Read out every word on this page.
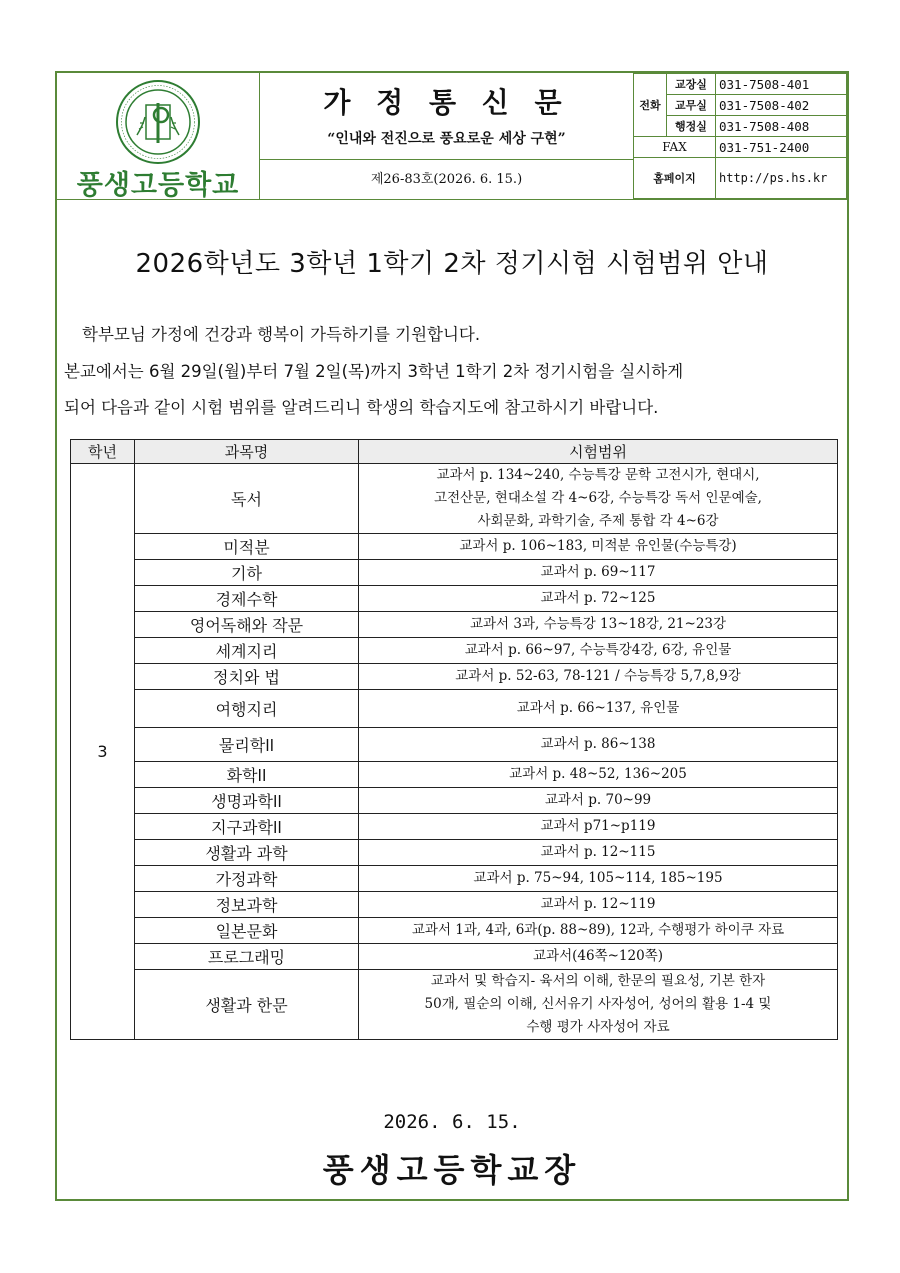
풍생고등학교
가 정 통 신 문
“인내와 전진으로 풍요로운 세상 구현”
제26-83호(2026. 6. 15.)
전화	교장실	031-7508-401
	교무실	031-7508-402
	행정실	031-7508-408
FAX		031-751-2400
홈페이지		http://ps.hs.kr
2026학년도 3학년 1학기 2차 정기시험 시험범위 안내
학부모님 가정에 건강과 행복이 가득하기를 기원합니다.
본교에서는 6월 29일(월)부터 7월 2일(목)까지 3학년 1학기 2차 정기시험을 실시하게
되어 다음과 같이 시험 범위를 알려드리니 학생의 학습지도에 참고하시기 바랍니다.
학년	과목명	시험범위
3	독서	교과서 p. 134~240, 수능특강 문학 고전시가, 현대시,
고전산문, 현대소설 각 4~6강, 수능특강 독서 인문예술,
사회문화, 과학기술, 주제 통합 각 4~6강

	미적분	교과서 p. 106~183, 미적분 유인물(수능특강)

	기하	교과서 p. 69~117

	경제수학	교과서 p. 72~125

	영어독해와 작문	교과서 3과, 수능특강 13~18강, 21~23강

	세계지리	교과서 p. 66~97, 수능특강4강, 6강, 유인물

	정치와 법	교과서 p. 52-63, 78-121 / 수능특강 5,7,8,9강

	여행지리	교과서 p. 66~137, 유인물

	물리학ll	교과서 p. 86~138

	화학ll	교과서 p. 48~52, 136~205

	생명과학ll	교과서 p. 70~99

	지구과학ll	교과서 p71~p119

	생활과 과학	교과서 p. 12~115

	가정과학	교과서 p. 75~94, 105~114, 185~195

	정보과학	교과서 p. 12~119

	일본문화	교과서 1과, 4과, 6과(p. 88~89), 12과, 수행평가 하이쿠 자료

	프로그래밍	교과서(46쪽~120쪽)

	생활과 한문	교과서 및 학습지- 육서의 이해, 한문의 필요성, 기본 한자
50개, 필순의 이해, 신서유기 사자성어, 성어의 활용 1-4 및
수행 평가 사자성어 자료
2026. 6. 15.
풍생고등학교장
